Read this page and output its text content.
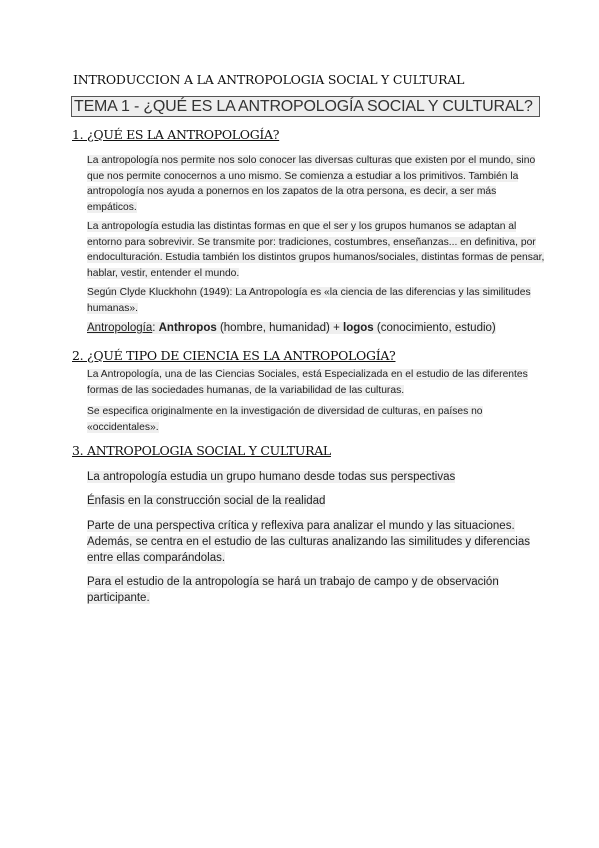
INTRODUCCION A LA ANTROPOLOGIA SOCIAL Y CULTURAL
TEMA 1 - ¿QUÉ ES LA ANTROPOLOGÍA SOCIAL Y CULTURAL?
1. ¿QUÉ ES LA ANTROPOLOGÍA?
La antropología nos permite nos solo conocer las diversas culturas que existen por el mundo, sino que nos permite conocernos a uno mismo. Se comienza a estudiar a los primitivos. También la antropología nos ayuda a ponernos en los zapatos de la otra persona, es decir, a ser más empáticos.
La antropología estudia las distintas formas en que el ser y los grupos humanos se adaptan al entorno para sobrevivir. Se transmite por: tradiciones, costumbres, enseñanzas... en definitiva, por endoculturación. Estudia también los distintos grupos humanos/sociales, distintas formas de pensar, hablar, vestir, entender el mundo.
Según Clyde Kluckhohn (1949): La Antropología es «la ciencia de las diferencias y las similitudes humanas».
Antropología: Anthropos (hombre, humanidad) + logos (conocimiento, estudio)
2. ¿QUÉ TIPO DE CIENCIA ES LA ANTROPOLOGÍA?
La Antropología, una de las Ciencias Sociales, está Especializada en el estudio de las diferentes formas de las sociedades humanas, de la variabilidad de las culturas.
Se especifica originalmente en la investigación de diversidad de culturas, en países no «occidentales».
3. ANTROPOLOGIA SOCIAL Y CULTURAL
La antropología estudia un grupo humano desde todas sus perspectivas
Énfasis en la construcción social de la realidad
Parte de una perspectiva crítica y reflexiva para analizar el mundo y las situaciones. Además, se centra en el estudio de las culturas analizando las similitudes y diferencias entre ellas comparándolas.
Para el estudio de la antropología se hará un trabajo de campo y de observación participante.
